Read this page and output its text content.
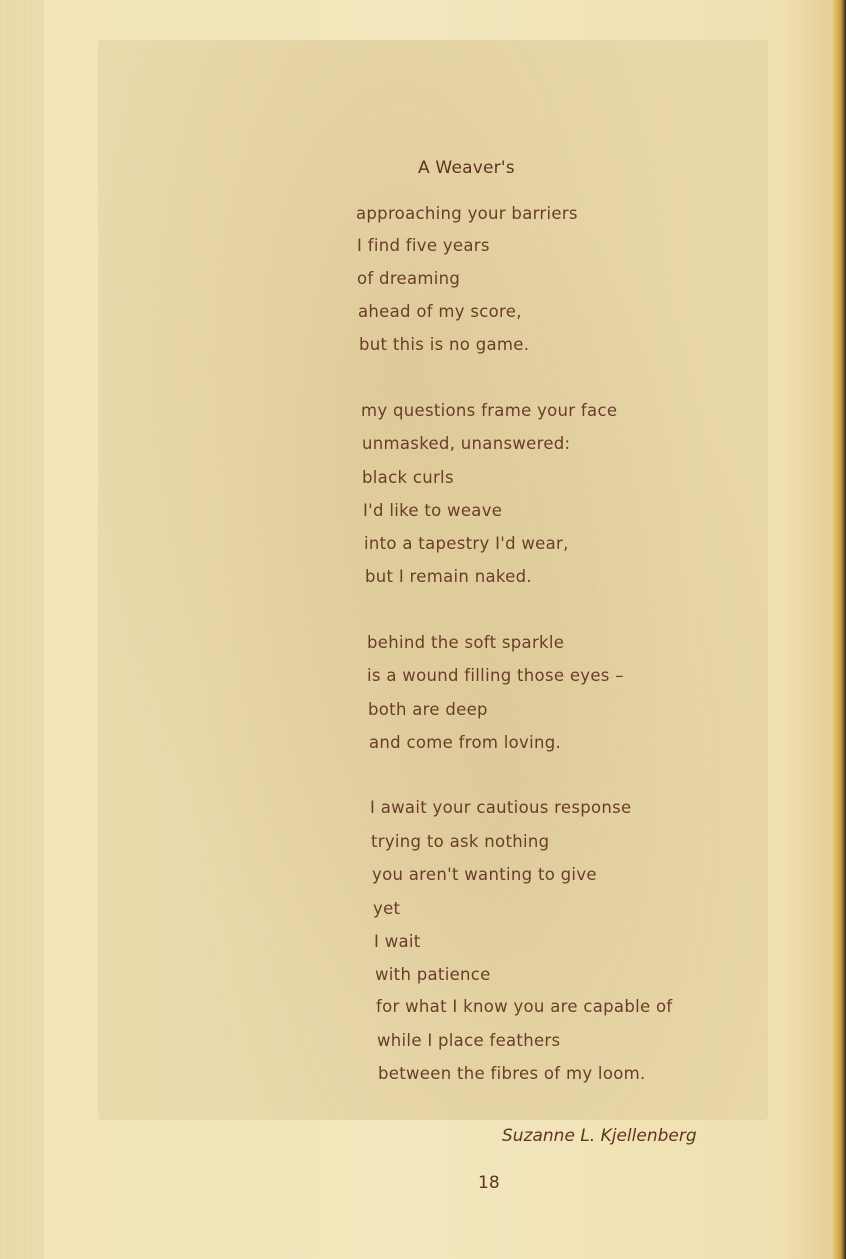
A Weaver's
approaching your barriers
I find five years
of dreaming
ahead of my score,
but this is no game.
my questions frame your face
unmasked, unanswered:
black curls
I'd like to weave
into a tapestry I'd wear,
but I remain naked.
behind the soft sparkle
is a wound filling those eyes –
both are deep
and come from loving.
I await your cautious response
trying to ask nothing
you aren't wanting to give
yet
I wait
with patience
for what I know you are capable of
while I place feathers
between the fibres of my loom.
Suzanne L. Kjellenberg
18
